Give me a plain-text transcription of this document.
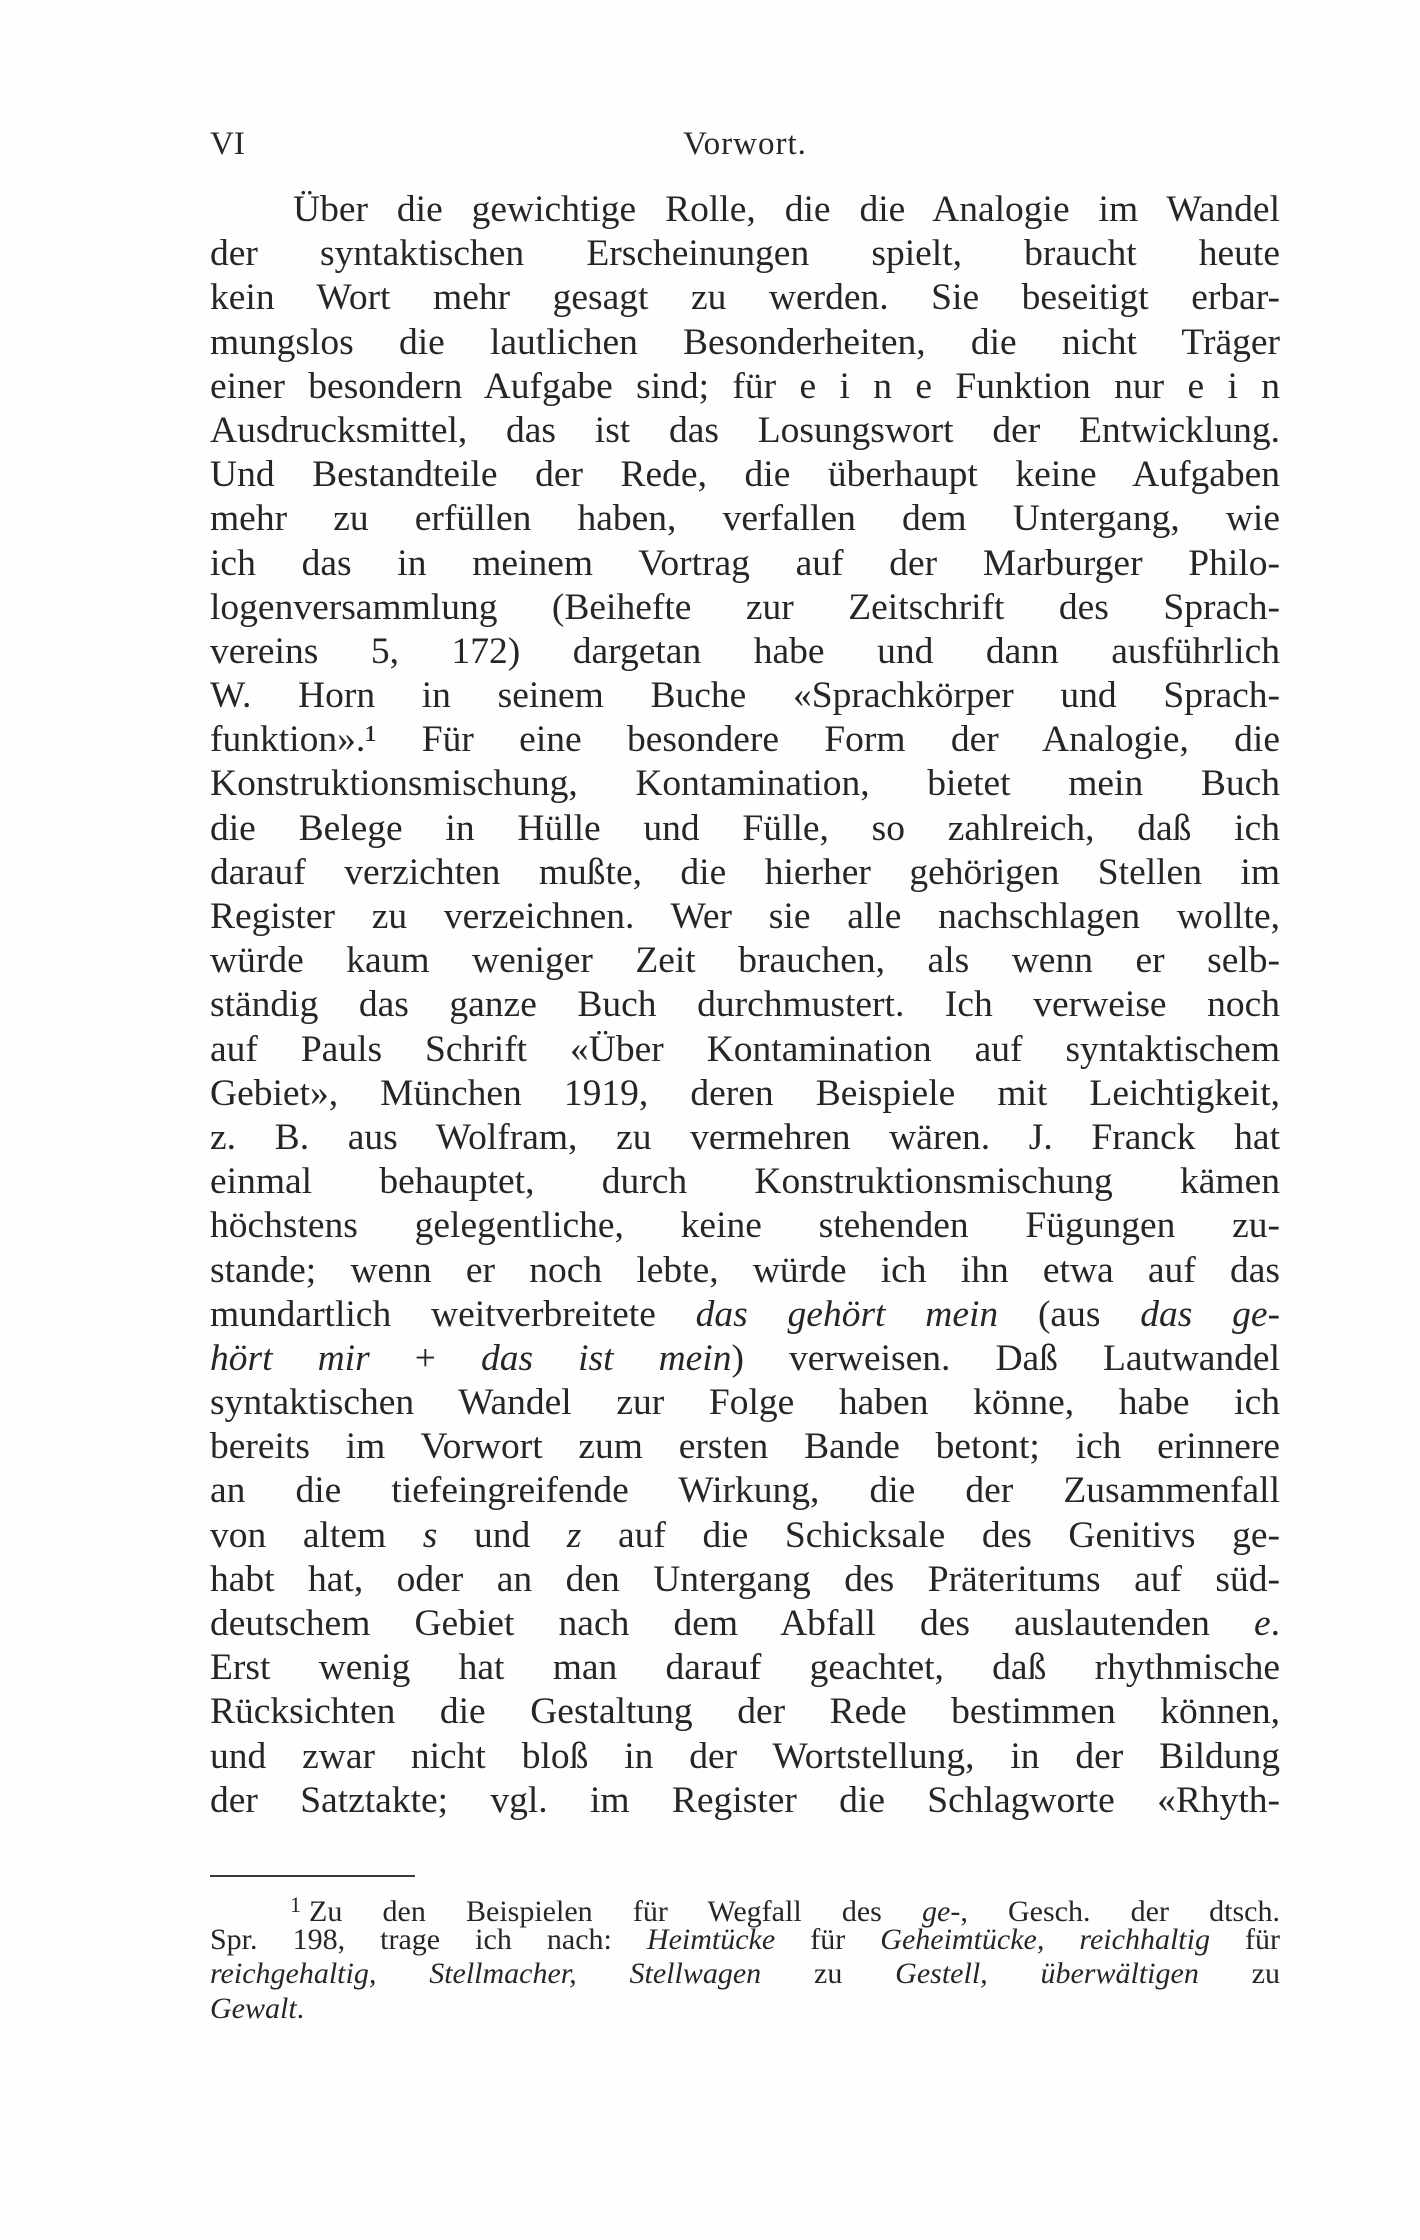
VI	Vorwort.
Über die gewichtige Rolle, die die Analogie im Wandel
der syntaktischen Erscheinungen spielt, braucht heute
kein Wort mehr gesagt zu werden. Sie beseitigt erbar-
mungslos die lautlichen Besonderheiten, die nicht Träger
einer besondern Aufgabe sind; für e i n e Funktion nur e i n
Ausdrucksmittel, das ist das Losungswort der Entwicklung.
Und Bestandteile der Rede, die überhaupt keine Aufgaben
mehr zu erfüllen haben, verfallen dem Untergang, wie
ich das in meinem Vortrag auf der Marburger Philo-
logenversammlung (Beihefte zur Zeitschrift des Sprach-
vereins 5, 172) dargetan habe und dann ausführlich
W. Horn in seinem Buche «Sprachkörper und Sprach-
funktion».¹ Für eine besondere Form der Analogie, die
Konstruktionsmischung, Kontamination, bietet mein Buch
die Belege in Hülle und Fülle, so zahlreich, daß ich
darauf verzichten mußte, die hierher gehörigen Stellen im
Register zu verzeichnen. Wer sie alle nachschlagen wollte,
würde kaum weniger Zeit brauchen, als wenn er selb-
ständig das ganze Buch durchmustert. Ich verweise noch
auf Pauls Schrift «Über Kontamination auf syntaktischem
Gebiet», München 1919, deren Beispiele mit Leichtigkeit,
z. B. aus Wolfram, zu vermehren wären. J. Franck hat
einmal behauptet, durch Konstruktionsmischung kämen
höchstens gelegentliche, keine stehenden Fügungen zu-
stande; wenn er noch lebte, würde ich ihn etwa auf das
mundartlich weitverbreitete das gehört mein (aus das ge-
hört mir + das ist mein) verweisen. Daß Lautwandel
syntaktischen Wandel zur Folge haben könne, habe ich
bereits im Vorwort zum ersten Bande betont; ich erinnere
an die tiefeingreifende Wirkung, die der Zusammenfall
von altem s und z auf die Schicksale des Genitivs ge-
habt hat, oder an den Untergang des Präteritums auf süd-
deutschem Gebiet nach dem Abfall des auslautenden e.
Erst wenig hat man darauf geachtet, daß rhythmische
Rücksichten die Gestaltung der Rede bestimmen können,
und zwar nicht bloß in der Wortstellung, in der Bildung
der Satztakte; vgl. im Register die Schlagworte «Rhyth-
$^1$ Zu den Beispielen für Wegfall des ge-, Gesch. der dtsch.
Spr. 198, trage ich nach: Heimtücke für Geheimtücke, reichhaltig für
reichgehaltig, Stellmacher, Stellwagen zu Gestell, überwältigen zu
Gewalt.
